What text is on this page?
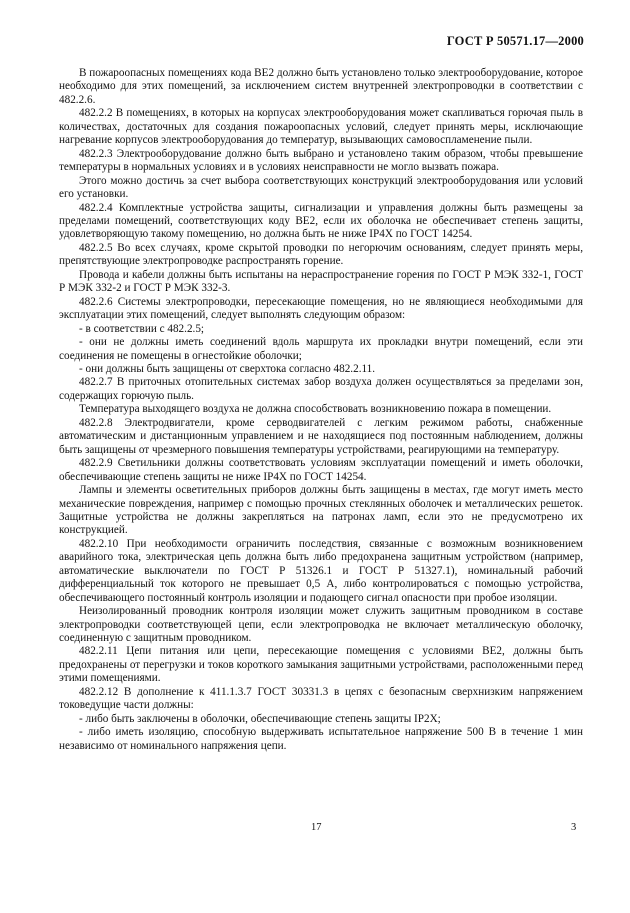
ГОСТ Р 50571.17—2000

В пожароопасных помещениях кода ВЕ2 должно быть установлено только электрооборудование, которое необходимо для этих помещений, за исключением систем внутренней электропроводки в соответствии с 482.2.6.

482.2.2 В помещениях, в которых на корпусах электрооборудования может скапливаться горючая пыль в количествах, достаточных для создания пожароопасных условий, следует принять меры, исключающие нагревание корпусов электрооборудования до температур, вызывающих самовоспламенение пыли.

482.2.3 Электрооборудование должно быть выбрано и установлено таким образом, чтобы превышение температуры в нормальных условиях и в условиях неисправности не могло вызвать пожара.

Этого можно достичь за счет выбора соответствующих конструкций электрооборудования или условий его установки.

482.2.4 Комплектные устройства защиты, сигнализации и управления должны быть размещены за пределами помещений, соответствующих коду ВЕ2, если их оболочка не обеспечивает степень защиты, удовлетворяющую такому помещению, но должна быть не ниже IP4X по ГОСТ 14254.

482.2.5 Во всех случаях, кроме скрытой проводки по негорючим основаниям, следует принять меры, препятствующие электропроводке распространять горение.

Провода и кабели должны быть испытаны на нераспространение горения по ГОСТ Р МЭК 332-1, ГОСТ Р МЭК 332-2 и ГОСТ Р МЭК 332-3.

482.2.6 Системы электропроводки, пересекающие помещения, но не являющиеся необходимыми для эксплуатации этих помещений, следует выполнять следующим образом:

- в соответствии с 482.2.5;

- они не должны иметь соединений вдоль маршрута их прокладки внутри помещений, если эти соединения не помещены в огнестойкие оболочки;

- они должны быть защищены от сверхтока согласно 482.2.11.

482.2.7 В приточных отопительных системах забор воздуха должен осуществляться за пределами зон, содержащих горючую пыль.

Температура выходящего воздуха не должна способствовать возникновению пожара в помещении.

482.2.8 Электродвигатели, кроме серводвигателей с легким режимом работы, снабженные автоматическим и дистанционным управлением и не находящиеся под постоянным наблюдением, должны быть защищены от чрезмерного повышения температуры устройствами, реагирующими на температуру.

482.2.9 Светильники должны соответствовать условиям эксплуатации помещений и иметь оболочки, обеспечивающие степень защиты не ниже IP4X по ГОСТ 14254.

Лампы и элементы осветительных приборов должны быть защищены в местах, где могут иметь место механические повреждения, например с помощью прочных стеклянных оболочек и металлических решеток. Защитные устройства не должны закрепляться на патронах ламп, если это не предусмотрено их конструкцией.

482.2.10 При необходимости ограничить последствия, связанные с возможным возникновением аварийного тока, электрическая цепь должна быть либо предохранена защитным устройством (например, автоматические выключатели по ГОСТ Р 51326.1 и ГОСТ Р 51327.1), номинальный рабочий дифференциальный ток которого не превышает 0,5 А, либо контролироваться с помощью устройства, обеспечивающего постоянный контроль изоляции и подающего сигнал опасности при пробое изоляции.

Неизолированный проводник контроля изоляции может служить защитным проводником в составе электропроводки соответствующей цепи, если электропроводка не включает металлическую оболочку, соединенную с защитным проводником.

482.2.11 Цепи питания или цепи, пересекающие помещения с условиями ВЕ2, должны быть предохранены от перегрузки и токов короткого замыкания защитными устройствами, расположенными перед этими помещениями.

482.2.12 В дополнение к 411.1.3.7 ГОСТ 30331.3 в цепях с безопасным сверхнизким напряжением токоведущие части должны:

- либо быть заключены в оболочки, обеспечивающие степень защиты IP2X;

- либо иметь изоляцию, способную выдерживать испытательное напряжение 500 В в течение 1 мин независимо от номинального напряжения цепи.

17	3
